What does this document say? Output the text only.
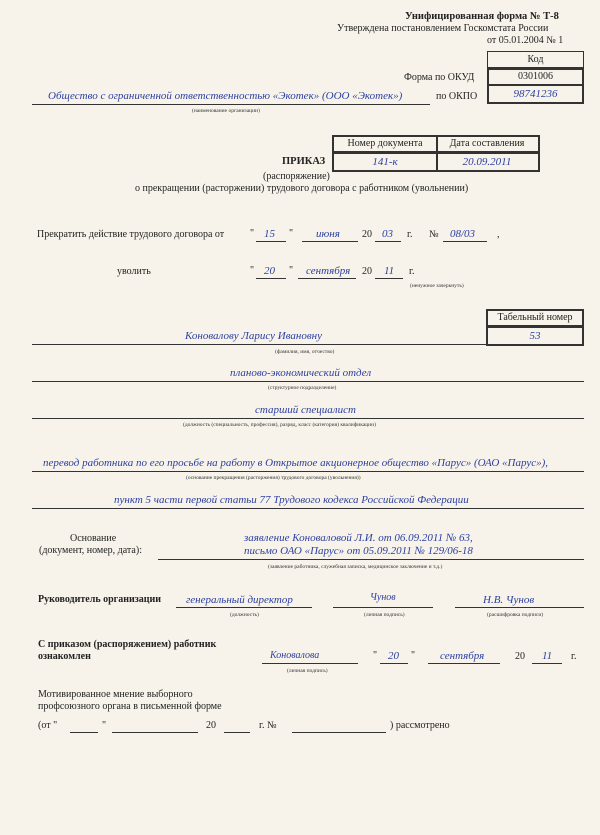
Унифицированная форма № Т-8
Утверждена постановлением Госкомстата России
от 05.01.2004 № 1
Код
Форма по ОКУД	0301006
98741236
по ОКПО
Общество с ограниченной ответственностью «Экотек» (ООО «Экотек»)
(наименование организации)
Номер документа	Дата составления
141-к	20.09.2011
ПРИКАЗ
(распоряжение)
о прекращении (расторжении) трудового договора с работником (увольнении)
Прекратить действие трудового договора от	" 15 " июня 20 03 г. № 08/03 ,
уволить	" 20 " сентября 20 11 г.
(ненужное зачеркнуть)
Табельный номер
53
Коновалову Ларису Ивановну
(фамилия, имя, отчество)
планово-экономический отдел
(структурное подразделение)
старший специалист
(должность (специальность, профессия), разряд, класс (категория) квалификации)
перевод работника по его просьбе на работу в Открытое акционерное общество «Парус» (ОАО «Парус»),
(основание прекращения (расторжения) трудового договора (увольнения))
пункт 5 части первой статьи 77 Трудового кодекса Российской Федерации
Основание
(документ, номер, дата):
заявление Коноваловой Л.И. от 06.09.2011 № 63,
письмо ОАО «Парус» от 05.09.2011 № 129/06-18
(заявление работника, служебная записка, медицинское заключение и т.д.)
Руководитель организации генеральный директор
(должность)
Чунов
(личная подпись)
Н.В. Чунов
(расшифровка подписи)
С приказом (распоряжением) работник
ознакомлен	Коновалова
(личная подпись)
" 20 " сентября	20 11 г.
Мотивированное мнение выборного
профсоюзного органа в письменной форме
(от "	"	20	г. №	) рассмотрено
